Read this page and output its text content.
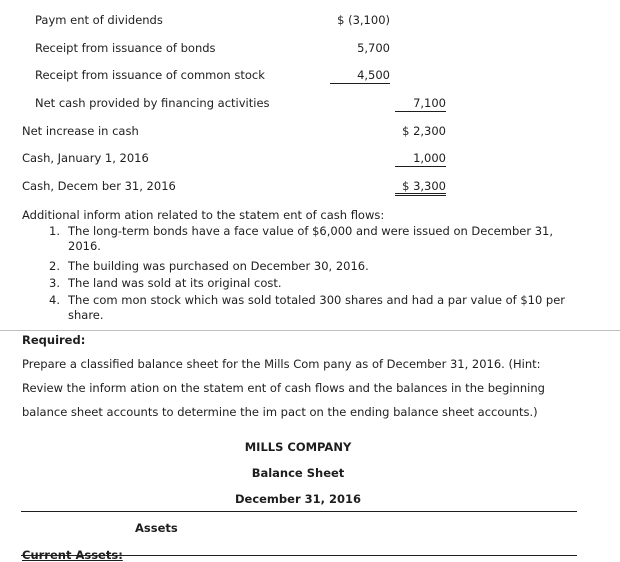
Paym ent of dividends	$ (3,100)
Receipt from issuance of bonds	5,700
Receipt from issuance of common stock	4,500
Net cash provided by financing activities	7,100
Net increase in cash	$ 2,300
Cash, January 1, 2016	1,000
Cash, Decem ber 31, 2016	$ 3,300
Additional inform ation related to the statem ent of cash flows:
1. The long-term bonds have a face value of $6,000 and were issued on December 31, 2016.
2. The building was purchased on December 30, 2016.
3. The land was sold at its original cost.
4. The com mon stock which was sold totaled 300 shares and had a par value of $10 per share.
Required:
Prepare a classified balance sheet for the Mills Com pany as of December 31, 2016. (Hint:
Review the inform ation on the statem ent of cash flows and the balances in the beginning
balance sheet accounts to determine the im pact on the ending balance sheet accounts.)
MILLS COMPANY
Balance Sheet
December 31, 2016
Assets
Current Assets:
